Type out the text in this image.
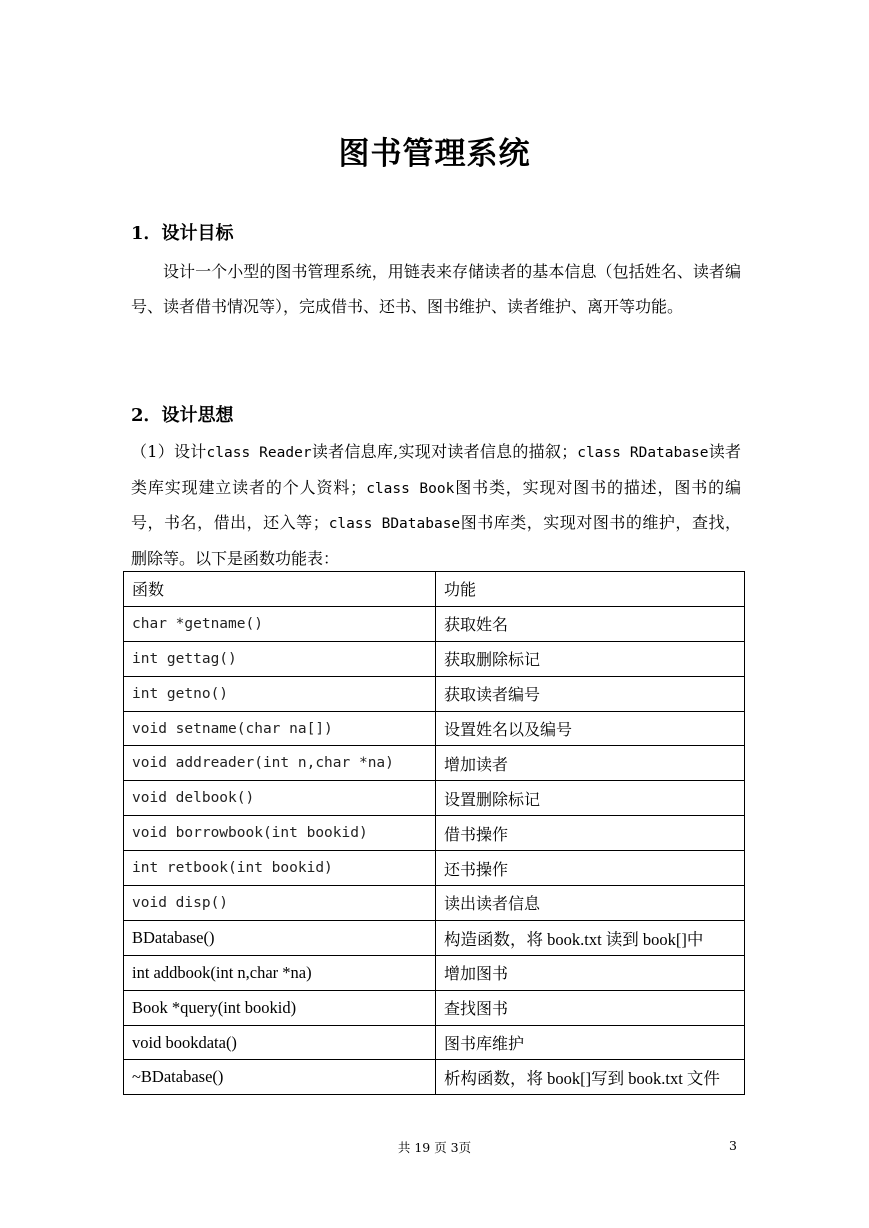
图书管理系统
1．设计目标

设计一个小型的图书管理系统，用链表来存储读者的基本信息（包括姓名、读者编号、读者借书情况等），完成借书、还书、图书维护、读者维护、离开等功能。

2．设计思想

（1）设计class Reader读者信息库,实现对读者信息的描叙；class RDatabase读者类库实现建立读者的个人资料；class Book图书类，实现对图书的描述，图书的编号，书名，借出，还入等；class BDatabase图书库类，实现对图书的维护，查找，删除等。以下是函数功能表：

函数	功能
char *getname()	获取姓名
int gettag()	获取删除标记
int getno()	获取读者编号
void setname(char na[])	设置姓名以及编号
void addreader(int n,char *na)	增加读者
void delbook()	设置删除标记
void borrowbook(int bookid)	借书操作
int retbook(int bookid)	还书操作
void disp()	读出读者信息
BDatabase()	构造函数，将 book.txt 读到 book[]中
int addbook(int n,char *na)	增加图书
Book *query(int bookid)	查找图书
void bookdata()	图书库维护
~BDatabase()	析构函数，将 book[]写到 book.txt 文件
共 19 页 3页	3
